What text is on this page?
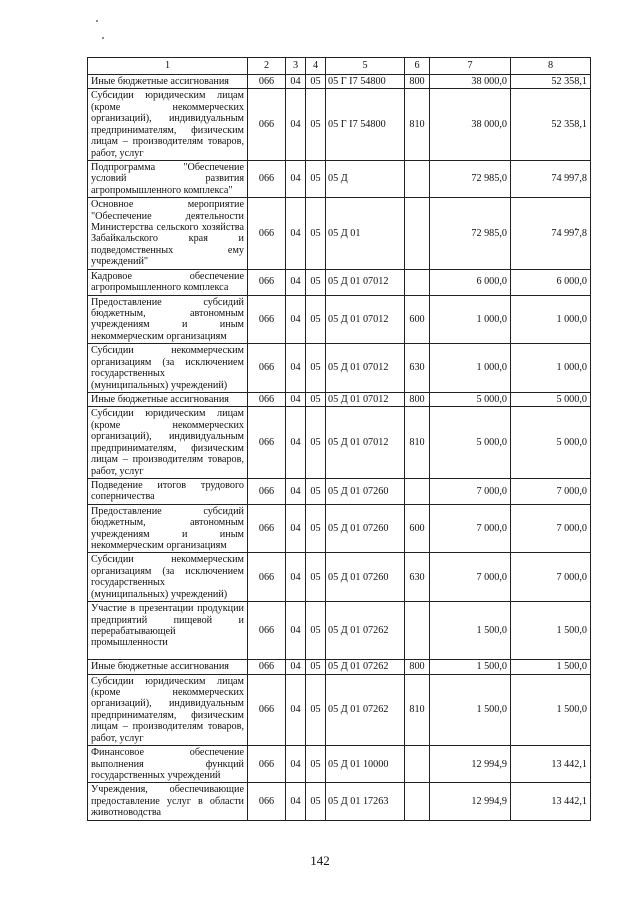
1	2	3	4	5	6	7	8
Иные бюджетные ассигнования	066	04	05	05 Г I7 54800	800	38 000,0	52 358,1
Субсидии юридическим лицам (кроме некоммерческих организаций), индивидуальным предпринимателям, физическим лицам – производителям товаров, работ, услуг	066	04	05	05 Г I7 54800	810	38 000,0	52 358,1
Подпрограмма "Обеспечение условий развития агропромышленного комплекса"	066	04	05	05 Д		72 985,0	74 997,8
Основное мероприятие "Обеспечение деятельности Министерства сельского хозяйства Забайкальского края и подведомственных ему учреждений"	066	04	05	05 Д 01		72 985,0	74 997,8
Кадровое обеспечение агропромышленного комплекса	066	04	05	05 Д 01 07012		6 000,0	6 000,0
Предоставление субсидий бюджетным, автономным учреждениям и иным некоммерческим организациям	066	04	05	05 Д 01 07012	600	1 000,0	1 000,0
Субсидии некоммерческим организациям (за исключением государственных (муниципальных) учреждений)	066	04	05	05 Д 01 07012	630	1 000,0	1 000,0
Иные бюджетные ассигнования	066	04	05	05 Д 01 07012	800	5 000,0	5 000,0
Субсидии юридическим лицам (кроме некоммерческих организаций), индивидуальным предпринимателям, физическим лицам – производителям товаров, работ, услуг	066	04	05	05 Д 01 07012	810	5 000,0	5 000,0
Подведение итогов трудового соперничества	066	04	05	05 Д 01 07260		7 000,0	7 000,0
Предоставление субсидий бюджетным, автономным учреждениям и иным некоммерческим организациям	066	04	05	05 Д 01 07260	600	7 000,0	7 000,0
Субсидии некоммерческим организациям (за исключением государственных (муниципальных) учреждений)	066	04	05	05 Д 01 07260	630	7 000,0	7 000,0
Участие в презентации продукции предприятий пищевой и перерабатывающей промышленности	066	04	05	05 Д 01 07262		1 500,0	1 500,0
Иные бюджетные ассигнования	066	04	05	05 Д 01 07262	800	1 500,0	1 500,0
Субсидии юридическим лицам (кроме некоммерческих организаций), индивидуальным предпринимателям, физическим лицам – производителям товаров, работ, услуг	066	04	05	05 Д 01 07262	810	1 500,0	1 500,0
Финансовое обеспечение выполнения функций государственных учреждений	066	04	05	05 Д 01 10000		12 994,9	13 442,1
Учреждения, обеспечивающие предоставление услуг в области животноводства	066	04	05	05 Д 01 17263		12 994,9	13 442,1
142
